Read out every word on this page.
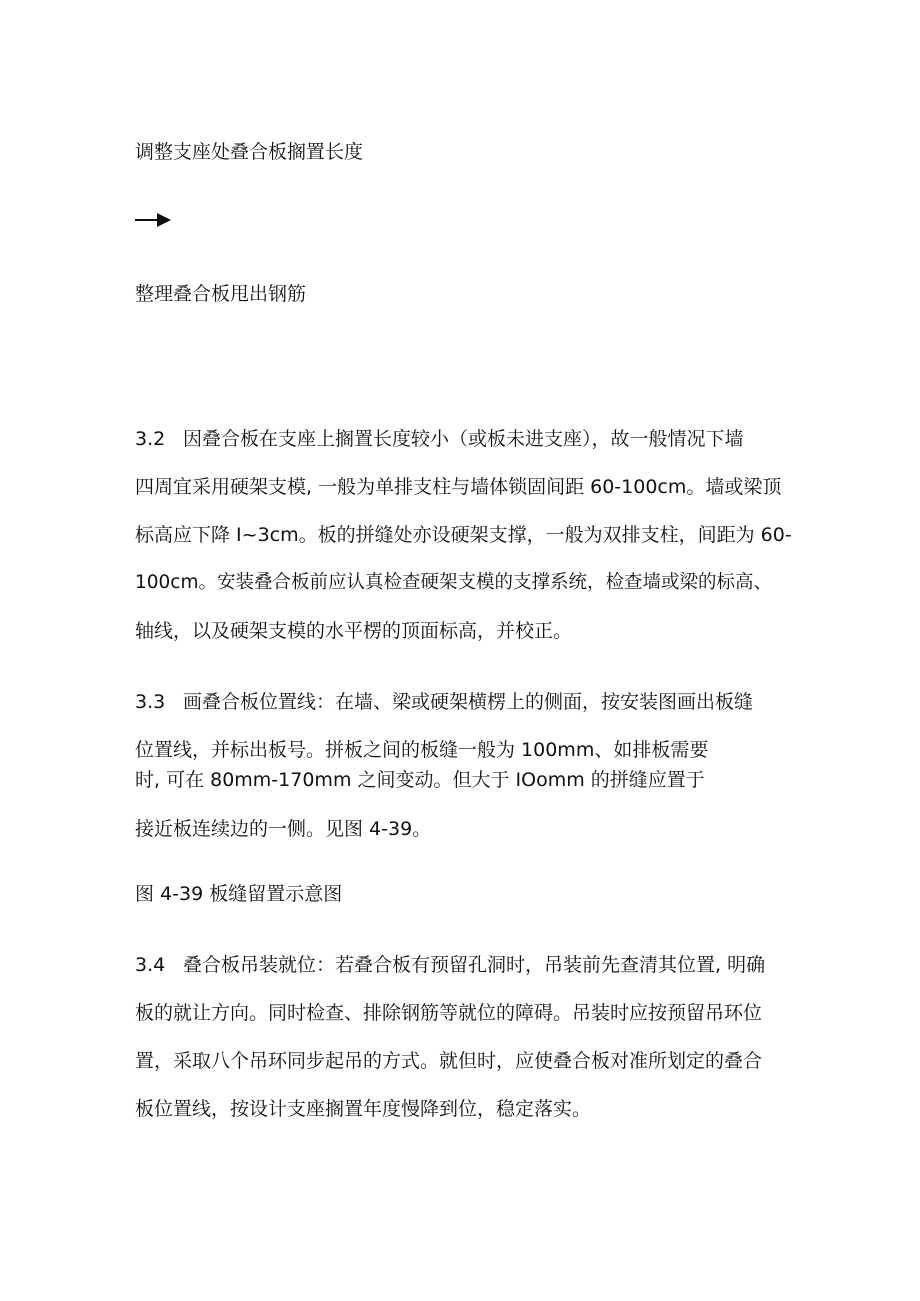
调整支座处叠合板搁置长度
整理叠合板甩出钢筋
3.2 因叠合板在支座上搁置长度较小（或板未进支座），故一般情况下墙
四周宜采用硬架支模, 一般为单排支柱与墙体锁固间距 60-100cm。墙或梁顶
标高应下降 I~3cm。板的拼缝处亦设硬架支撑，一般为双排支柱，间距为 60-
100cm。安装叠合板前应认真检查硬架支模的支撑系统，检查墙或梁的标高、
轴线，以及硬架支模的水平楞的顶面标高，并校正。
3.3 画叠合板位置线：在墙、梁或硬架横楞上的侧面，按安装图画出板缝
位置线，并标出板号。拼板之间的板缝一般为 100mm、如排板需要
时, 可在 80mm-170mm 之间变动。但大于 IOomm 的拼缝应置于
接近板连续边的一侧。见图 4-39。
图 4-39 板缝留置示意图
3.4 叠合板吊装就位：若叠合板有预留孔洞时，吊装前先查清其位置, 明确
板的就让方向。同时检查、排除钢筋等就位的障碍。吊装时应按预留吊环位
置，采取八个吊环同步起吊的方式。就但时，应使叠合板对准所划定的叠合
板位置线，按设计支座搁置年度慢降到位，稳定落实。
